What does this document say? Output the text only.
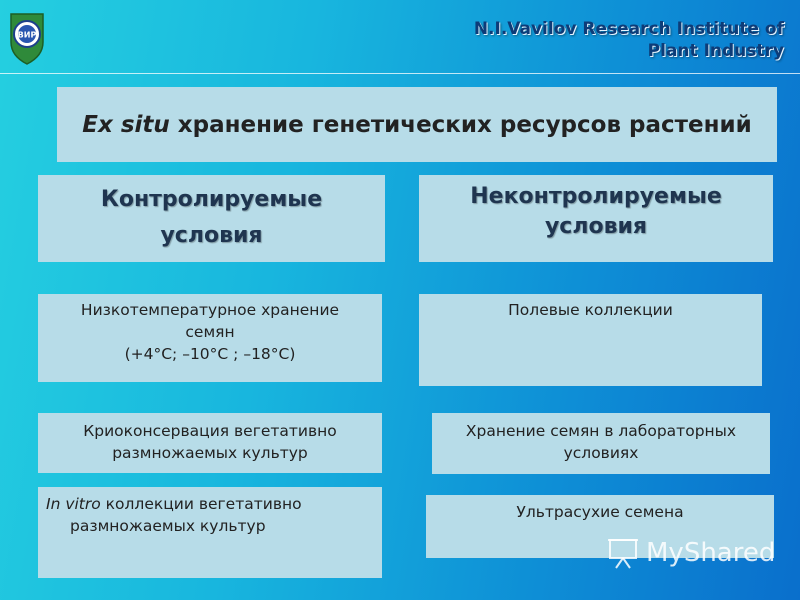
ВИР	N.I.Vavilov Research Institute of
Plant Industry
Ex situ хранение генетических ресурсов растений
Контролируемые
условия
Неконтролируемые
условия
Низкотемпературное хранение
семян
(+4°C; –10°C ; –18°C)
Криоконсервация вегетативно
размножаемых культур
In vitro коллекции вегетативно
размножаемых культур
Полевые коллекции
Хранение семян в лабораторных
условиях
Ультрасухие семена
MyShared
